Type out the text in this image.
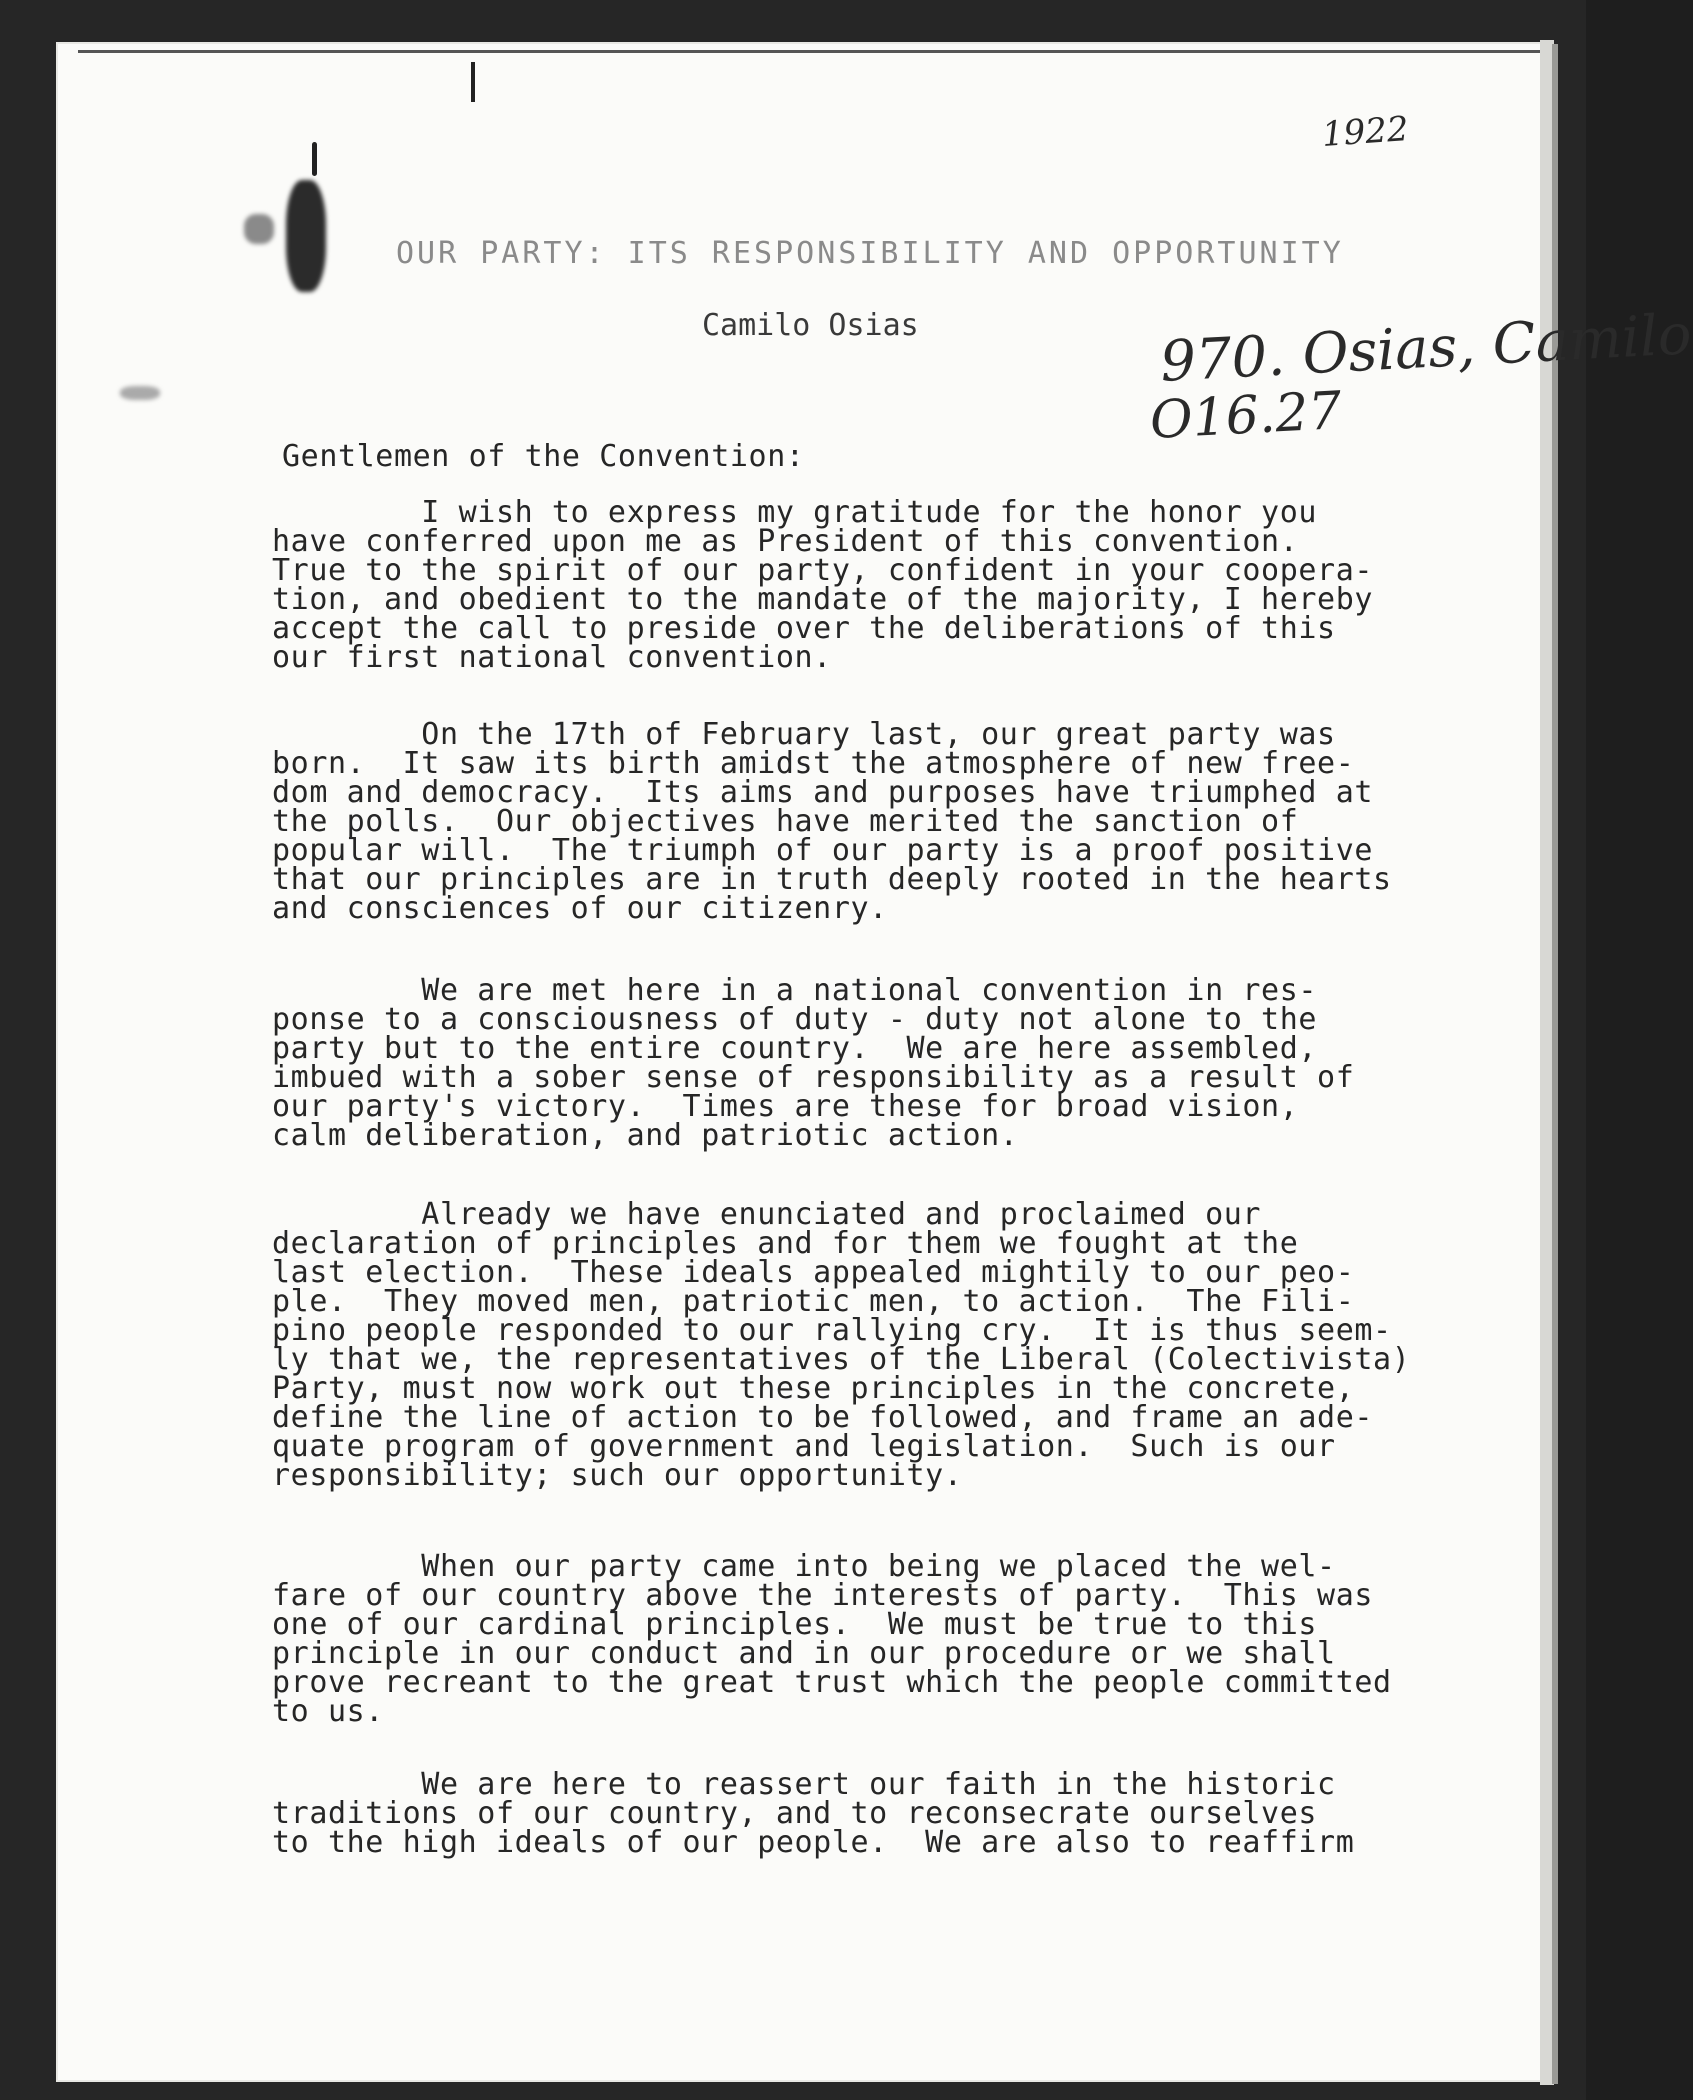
1922
OUR PARTY: ITS RESPONSIBILITY AND OPPORTUNITY
Camilo Osias	970. Osias, Camilo
O16.27
Gentlemen of the Convention:
I wish to express my gratitude for the honor you
have conferred upon me as President of this convention.
True to the spirit of our party, confident in your coopera-
tion, and obedient to the mandate of the majority, I hereby
accept the call to preside over the deliberations of this
our first national convention.
On the 17th of February last, our great party was
born.  It saw its birth amidst the atmosphere of new free-
dom and democracy.  Its aims and purposes have triumphed at
the polls.  Our objectives have merited the sanction of
popular will.  The triumph of our party is a proof positive
that our principles are in truth deeply rooted in the hearts
and consciences of our citizenry.
We are met here in a national convention in res-
ponse to a consciousness of duty - duty not alone to the
party but to the entire country.  We are here assembled,
imbued with a sober sense of responsibility as a result of
our party's victory.  Times are these for broad vision,
calm deliberation, and patriotic action.
Already we have enunciated and proclaimed our
declaration of principles and for them we fought at the
last election.  These ideals appealed mightily to our peo-
ple.  They moved men, patriotic men, to action.  The Fili-
pino people responded to our rallying cry.  It is thus seem-
ly that we, the representatives of the Liberal (Colectivista)
Party, must now work out these principles in the concrete,
define the line of action to be followed, and frame an ade-
quate program of government and legislation.  Such is our
responsibility; such our opportunity.
When our party came into being we placed the wel-
fare of our country above the interests of party.  This was
one of our cardinal principles.  We must be true to this
principle in our conduct and in our procedure or we shall
prove recreant to the great trust which the people committed
to us.
We are here to reassert our faith in the historic
traditions of our country, and to reconsecrate ourselves
to the high ideals of our people.  We are also to reaffirm
